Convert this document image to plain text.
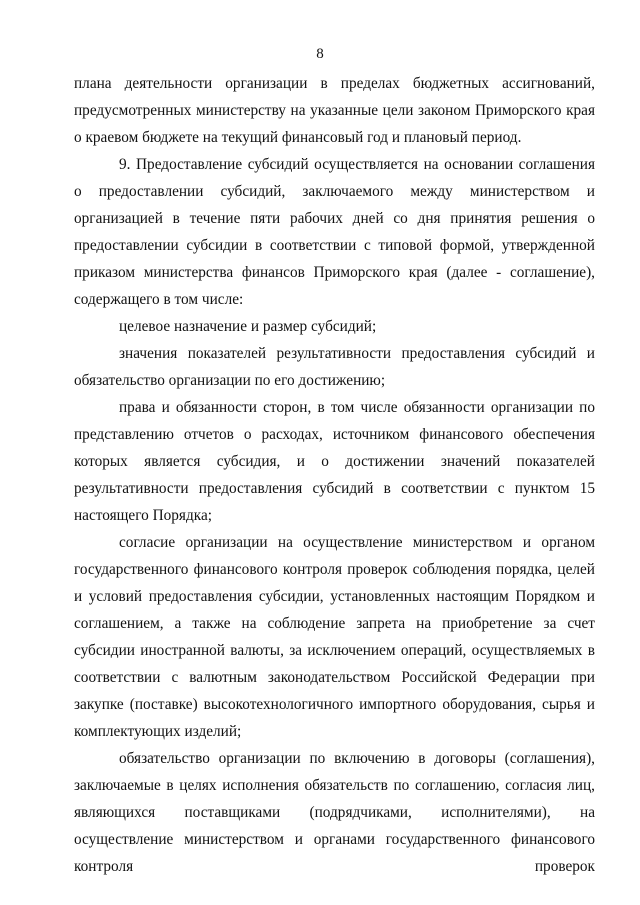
8

плана деятельности организации в пределах бюджетных ассигнований, предусмотренных министерству на указанные цели законом Приморского края о краевом бюджете на текущий финансовый год и плановый период.

9. Предоставление субсидий осуществляется на основании соглашения о предоставлении субсидий, заключаемого между министерством и организацией в течение пяти рабочих дней со дня принятия решения о предоставлении субсидии в соответствии с типовой формой, утвержденной приказом министерства финансов Приморского края (далее - соглашение), содержащего в том числе:

целевое назначение и размер субсидий;

значения показателей результативности предоставления субсидий и обязательство организации по его достижению;

права и обязанности сторон, в том числе обязанности организации по представлению отчетов о расходах, источником финансового обеспечения которых является субсидия, и о достижении значений показателей результативности предоставления субсидий в соответствии с пунктом 15 настоящего Порядка;

согласие организации на осуществление министерством и органом государственного финансового контроля проверок соблюдения порядка, целей и условий предоставления субсидии, установленных настоящим Порядком и соглашением, а также на соблюдение запрета на приобретение за счет субсидии иностранной валюты, за исключением операций, осуществляемых в соответствии с валютным законодательством Российской Федерации при закупке (поставке) высокотехнологичного импортного оборудования, сырья и комплектующих изделий;

обязательство организации по включению в договоры (соглашения), заключаемые в целях исполнения обязательств по соглашению, согласия лиц, являющихся поставщиками (подрядчиками, исполнителями), на осуществление министерством и органами государственного финансового контроля проверок
